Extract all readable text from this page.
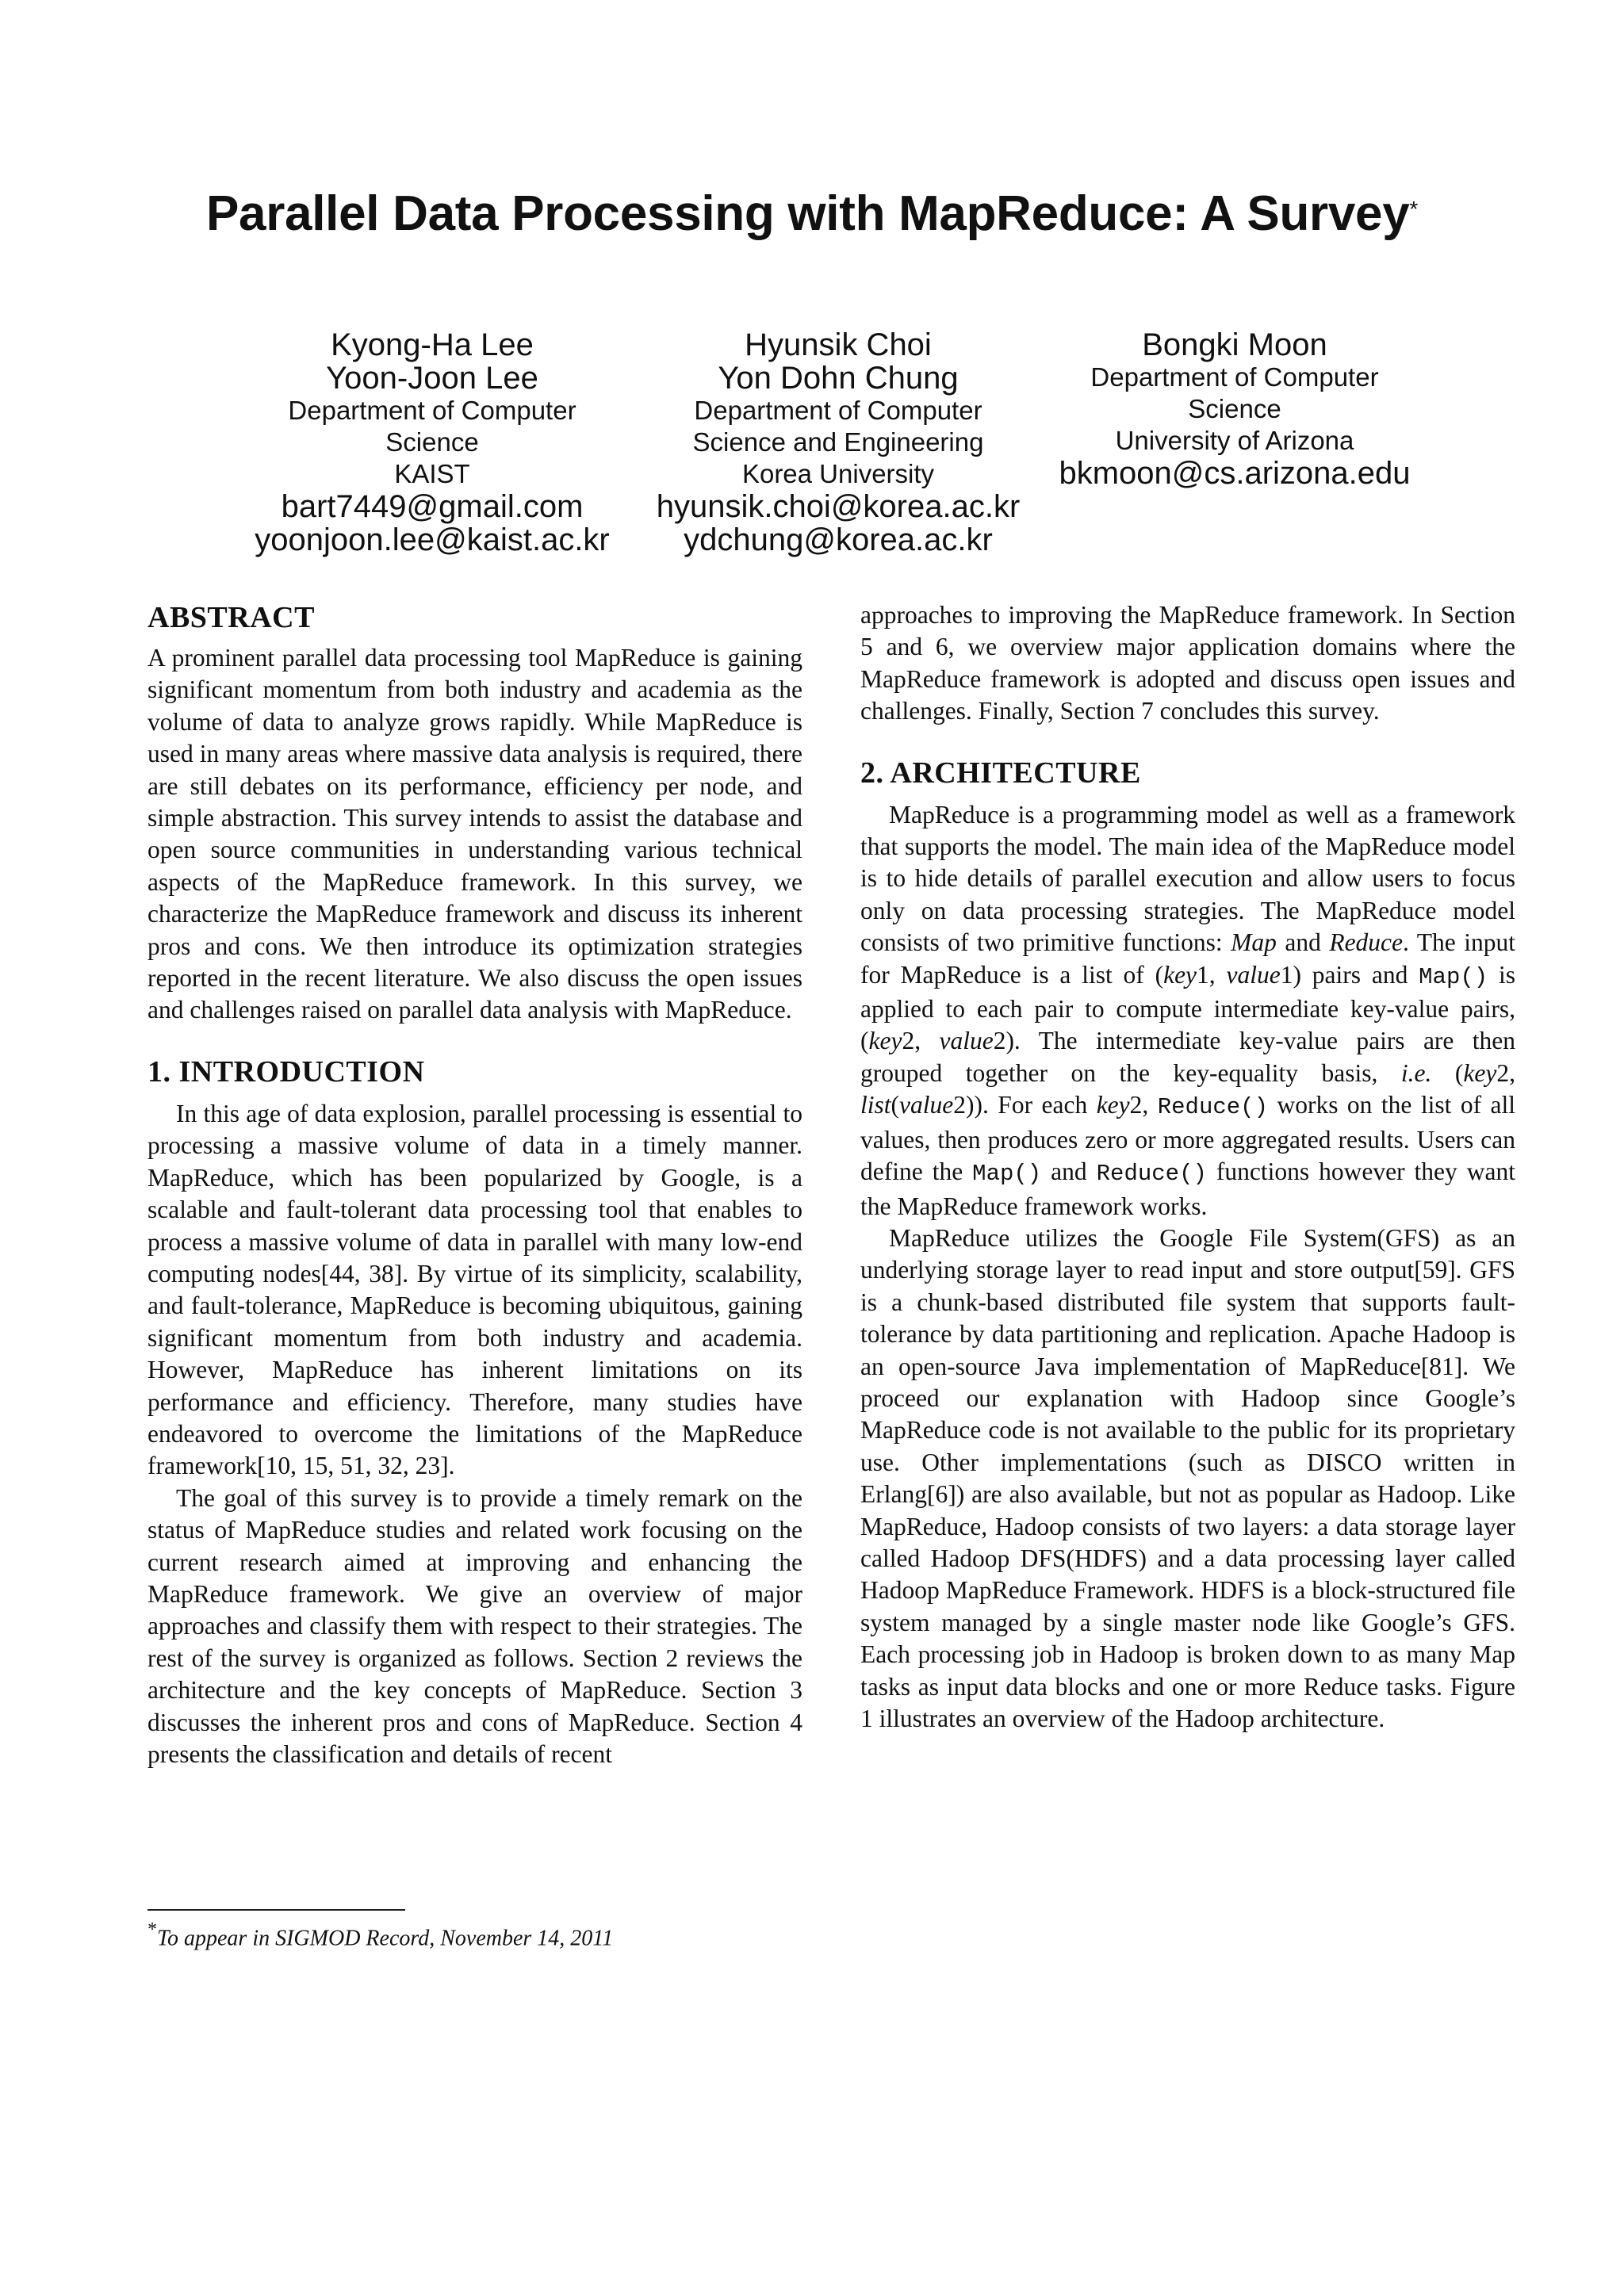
Parallel Data Processing with MapReduce: A Survey*
Kyong-Ha Lee
Yoon-Joon Lee
Department of Computer
Science
KAIST
bart7449@gmail.com
yoonjoon.lee@kaist.ac.kr
Hyunsik Choi
Yon Dohn Chung
Department of Computer
Science and Engineering
Korea University
hyunsik.choi@korea.ac.kr
ydchung@korea.ac.kr
Bongki Moon
Department of Computer
Science
University of Arizona
bkmoon@cs.arizona.edu
ABSTRACT

A prominent parallel data processing tool MapReduce is gaining significant momentum from both industry and academia as the volume of data to analyze grows rapidly. While MapReduce is used in many areas where massive data analysis is required, there are still debates on its performance, efficiency per node, and simple abstraction. This survey intends to assist the database and open source communities in understanding various technical aspects of the MapReduce framework. In this survey, we characterize the MapReduce framework and discuss its inherent pros and cons. We then introduce its optimization strategies reported in the recent literature. We also discuss the open issues and challenges raised on parallel data analysis with MapReduce.

1. INTRODUCTION

In this age of data explosion, parallel processing is essential to processing a massive volume of data in a timely manner. MapReduce, which has been popularized by Google, is a scalable and fault-tolerant data processing tool that enables to process a massive volume of data in parallel with many low-end computing nodes[44, 38]. By virtue of its simplicity, scalability, and fault-tolerance, MapReduce is becoming ubiquitous, gaining significant momentum from both industry and academia. However, MapReduce has inherent limitations on its performance and efficiency. Therefore, many studies have endeavored to overcome the limitations of the MapReduce framework[10, 15, 51, 32, 23].

The goal of this survey is to provide a timely remark on the status of MapReduce studies and related work focusing on the current research aimed at improving and enhancing the MapReduce framework. We give an overview of major approaches and classify them with respect to their strategies. The rest of the survey is organized as follows. Section 2 reviews the architecture and the key concepts of MapReduce. Section 3 discusses the inherent pros and cons of MapReduce. Section 4 presents the classification and details of recent

*To appear in SIGMOD Record, November 14, 2011

approaches to improving the MapReduce framework. In Section 5 and 6, we overview major application domains where the MapReduce framework is adopted and discuss open issues and challenges. Finally, Section 7 concludes this survey.

2. ARCHITECTURE

MapReduce is a programming model as well as a framework that supports the model. The main idea of the MapReduce model is to hide details of parallel execution and allow users to focus only on data processing strategies. The MapReduce model consists of two primitive functions: Map and Reduce. The input for MapReduce is a list of (key1, value1) pairs and Map() is applied to each pair to compute intermediate key-value pairs, (key2, value2). The intermediate key-value pairs are then grouped together on the key-equality basis, i.e. (key2, list(value2)). For each key2, Reduce() works on the list of all values, then produces zero or more aggregated results. Users can define the Map() and Reduce() functions however they want the MapReduce framework works.

MapReduce utilizes the Google File System(GFS) as an underlying storage layer to read input and store output[59]. GFS is a chunk-based distributed file system that supports fault-tolerance by data partitioning and replication. Apache Hadoop is an open-source Java implementation of MapReduce[81]. We proceed our explanation with Hadoop since Google’s MapReduce code is not available to the public for its proprietary use. Other implementations (such as DISCO written in Erlang[6]) are also available, but not as popular as Hadoop. Like MapReduce, Hadoop consists of two layers: a data storage layer called Hadoop DFS(HDFS) and a data processing layer called Hadoop MapReduce Framework. HDFS is a block-structured file system managed by a single master node like Google’s GFS. Each processing job in Hadoop is broken down to as many Map tasks as input data blocks and one or more Reduce tasks. Figure 1 illustrates an overview of the Hadoop architecture.
